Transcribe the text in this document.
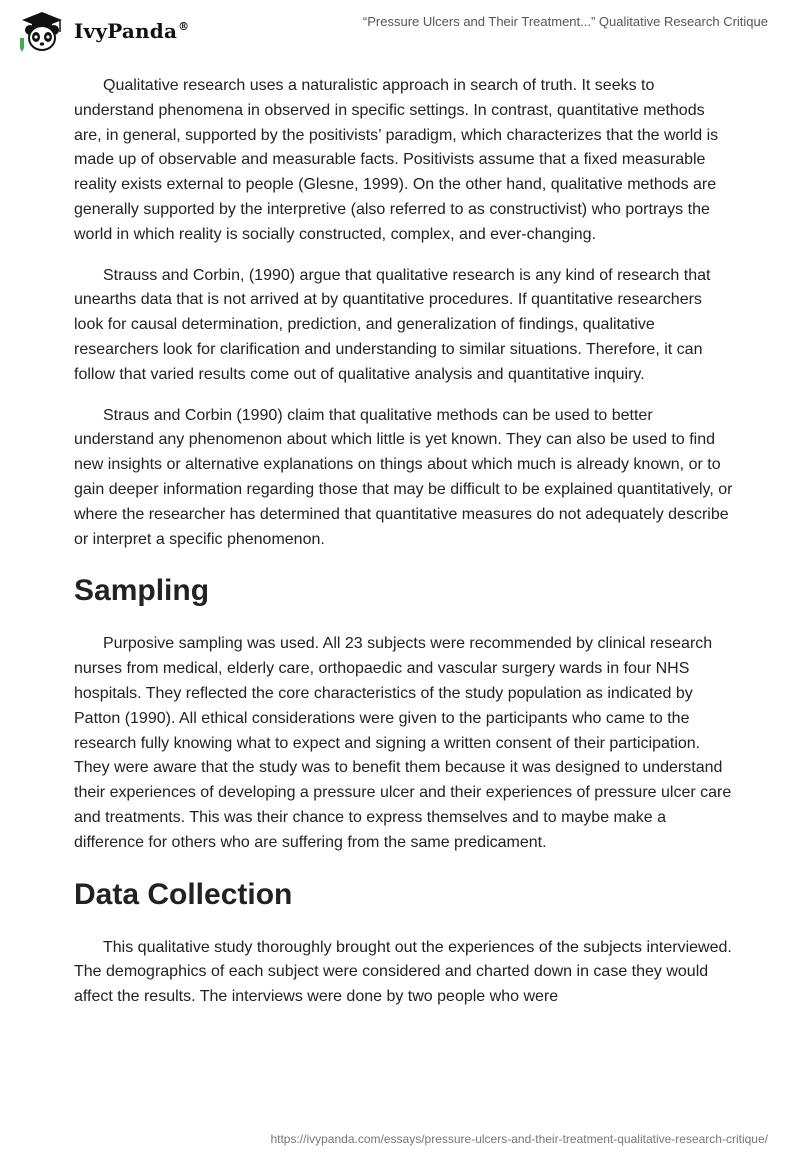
IvyPanda®	“Pressure Ulcers and Their Treatment...” Qualitative Research Critique

Qualitative research uses a naturalistic approach in search of truth. It seeks to understand phenomena in observed in specific settings. In contrast, quantitative methods are, in general, supported by the positivists’ paradigm, which characterizes that the world is made up of observable and measurable facts. Positivists assume that a fixed measurable reality exists external to people (Glesne, 1999). On the other hand, qualitative methods are generally supported by the interpretive (also referred to as constructivist) who portrays the world in which reality is socially constructed, complex, and ever-changing.

Strauss and Corbin, (1990) argue that qualitative research is any kind of research that unearths data that is not arrived at by quantitative procedures. If quantitative researchers look for causal determination, prediction, and generalization of findings, qualitative researchers look for clarification and understanding to similar situations. Therefore, it can follow that varied results come out of qualitative analysis and quantitative inquiry.

Straus and Corbin (1990) claim that qualitative methods can be used to better understand any phenomenon about which little is yet known. They can also be used to find new insights or alternative explanations on things about which much is already known, or to gain deeper information regarding those that may be difficult to be explained quantitatively, or where the researcher has determined that quantitative measures do not adequately describe or interpret a specific phenomenon.

Sampling

Purposive sampling was used. All 23 subjects were recommended by clinical research nurses from medical, elderly care, orthopaedic and vascular surgery wards in four NHS hospitals. They reflected the core characteristics of the study population as indicated by Patton (1990). All ethical considerations were given to the participants who came to the research fully knowing what to expect and signing a written consent of their participation. They were aware that the study was to benefit them because it was designed to understand their experiences of developing a pressure ulcer and their experiences of pressure ulcer care and treatments. This was their chance to express themselves and to maybe make a difference for others who are suffering from the same predicament.

Data Collection

This qualitative study thoroughly brought out the experiences of the subjects interviewed. The demographics of each subject were considered and charted down in case they would affect the results. The interviews were done by two people who were

https://ivypanda.com/essays/pressure-ulcers-and-their-treatment-qualitative-research-critique/
